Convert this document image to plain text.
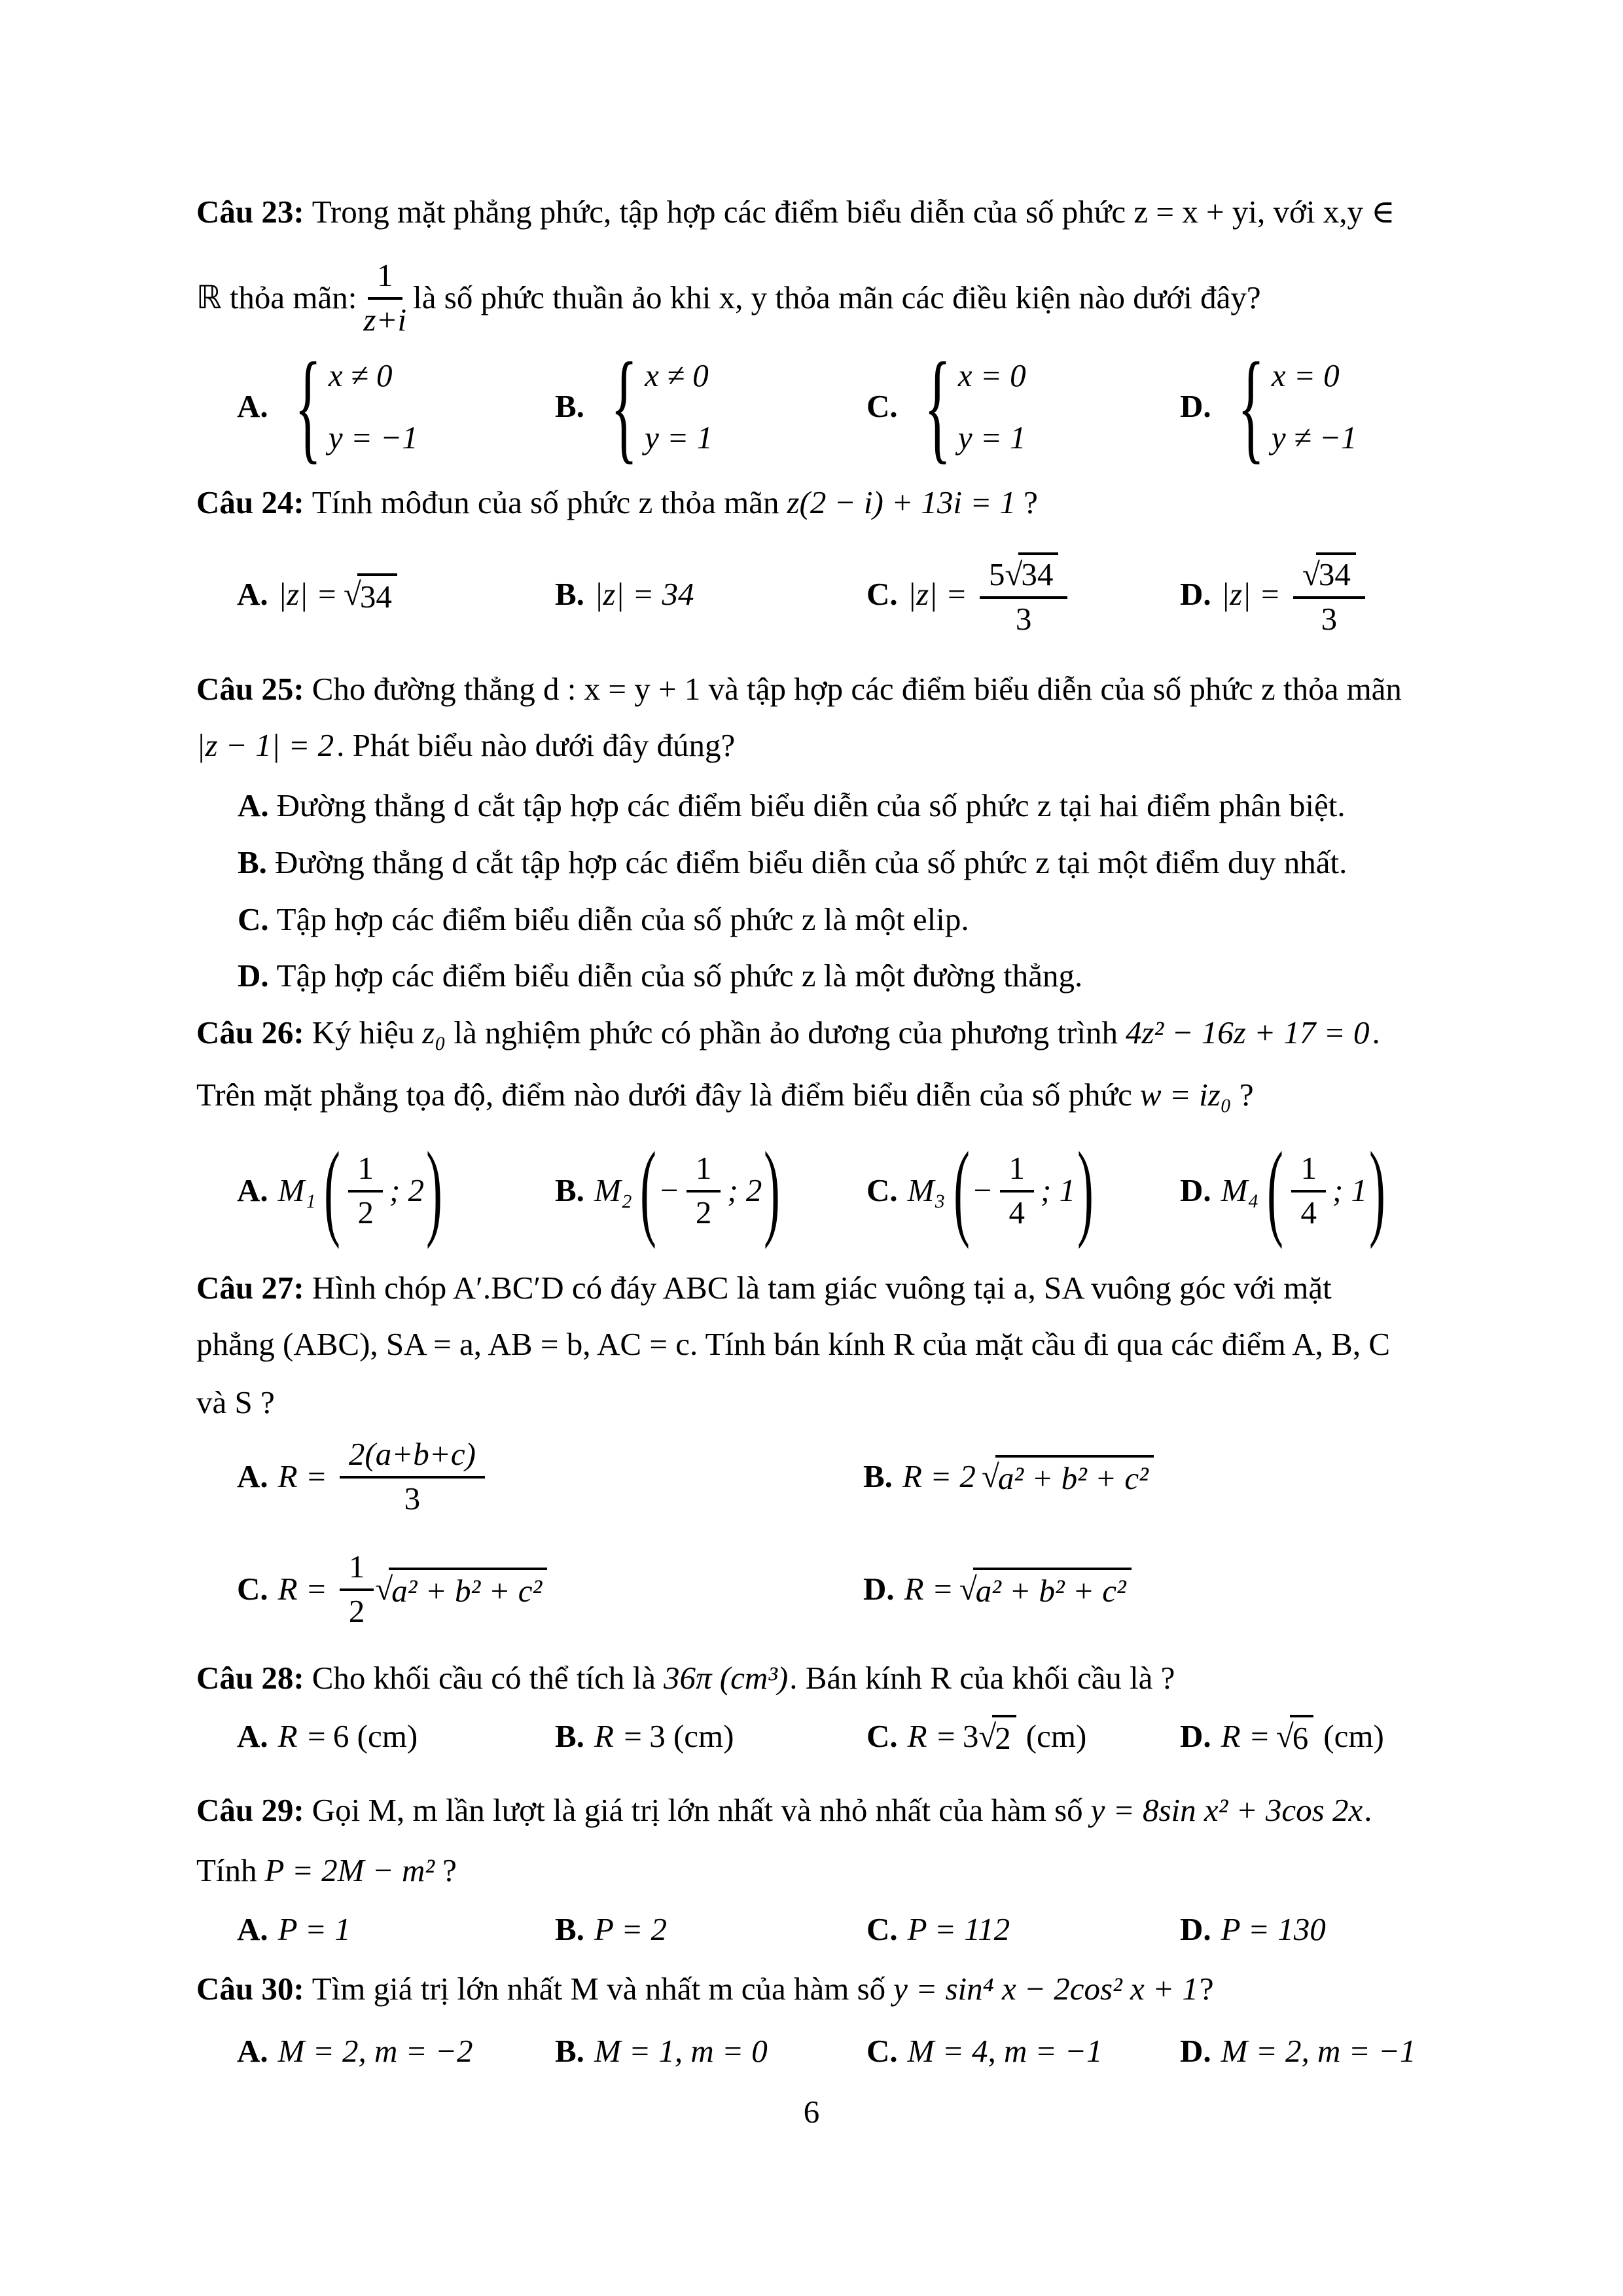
Câu 23: Trong mặt phẳng phức, tập hợp các điểm biểu diễn của số phức z = x + yi, với x,y ∈
ℝ thỏa mãn: $\frac{1}{z+i}$ là số phức thuần ảo khi x, y thỏa mãn các điều kiện nào dưới đây?
A. { x ≠ 0
y = −1
B. { x ≠ 0
y = 1
C. { x = 0
y = 1
D. { x = 0
y ≠ −1
Câu 24: Tính môđun của số phức z thỏa mãn z(2 − i) + 13i = 1 ?
A. |z| = √
34	B. |z| = 34	C. |z| = 5√
34
3	D. |z| = √
34
3
Câu 25: Cho đường thẳng d : x = y + 1 và tập hợp các điểm biểu diễn của số phức z thỏa mãn
|z − 1| = 2. Phát biểu nào dưới đây đúng?
A. Đường thẳng d cắt tập hợp các điểm biểu diễn của số phức z tại hai điểm phân biệt.
B. Đường thẳng d cắt tập hợp các điểm biểu diễn của số phức z tại một điểm duy nhất.
C. Tập hợp các điểm biểu diễn của số phức z là một elip.
D. Tập hợp các điểm biểu diễn của số phức z là một đường thẳng.
Câu 26: Ký hiệu z₀ là nghiệm phức có phần ảo dương của phương trình 4z² − 16z + 17 = 0.
Trên mặt phẳng tọa độ, điểm nào dưới đây là điểm biểu diễn của số phức w = iz₀ ?
A. M₁ ( $\frac{1}{2}$ ; 2 )	B. M₂ ( − $\frac{1}{2}$ ; 2 )	C. M₃ ( − $\frac{1}{4}$ ; 1 )	D. M₄ ( $\frac{1}{4}$ ; 1 )
Câu 27: Hình chóp A′.BC′D có đáy ABC là tam giác vuông tại a, SA vuông góc với mặt
phẳng (ABC), SA = a, AB = b, AC = c. Tính bán kính R của mặt cầu đi qua các điểm A, B, C
và S ?
A. $R = \frac{2(a+b+c)}{3}$	B. R = 2 √
a² + b² + c²
C. $R = \frac{1}{2}$ √
a² + b² + c²	D. R = √
a² + b² + c²
Câu 28: Cho khối cầu có thể tích là 36π (cm³). Bán kính R của khối cầu là ?
A. R = 6 (cm)	B. R = 3 (cm)	C. R = 3 √
2 (cm)	D. R = √
6 (cm)
Câu 29: Gọi M, m lần lượt là giá trị lớn nhất và nhỏ nhất của hàm số y = 8sin x² + 3cos 2x.
Tính P = 2M − m² ?
A. P = 1	B. P = 2	C. P = 112	D. P = 130
Câu 30: Tìm giá trị lớn nhất M và nhất m của hàm số y = sin⁴ x − 2cos² x + 1?
A. M = 2, m = −2	B. M = 1, m = 0	C. M = 4, m = −1 D. M = 2, m = −1
6
